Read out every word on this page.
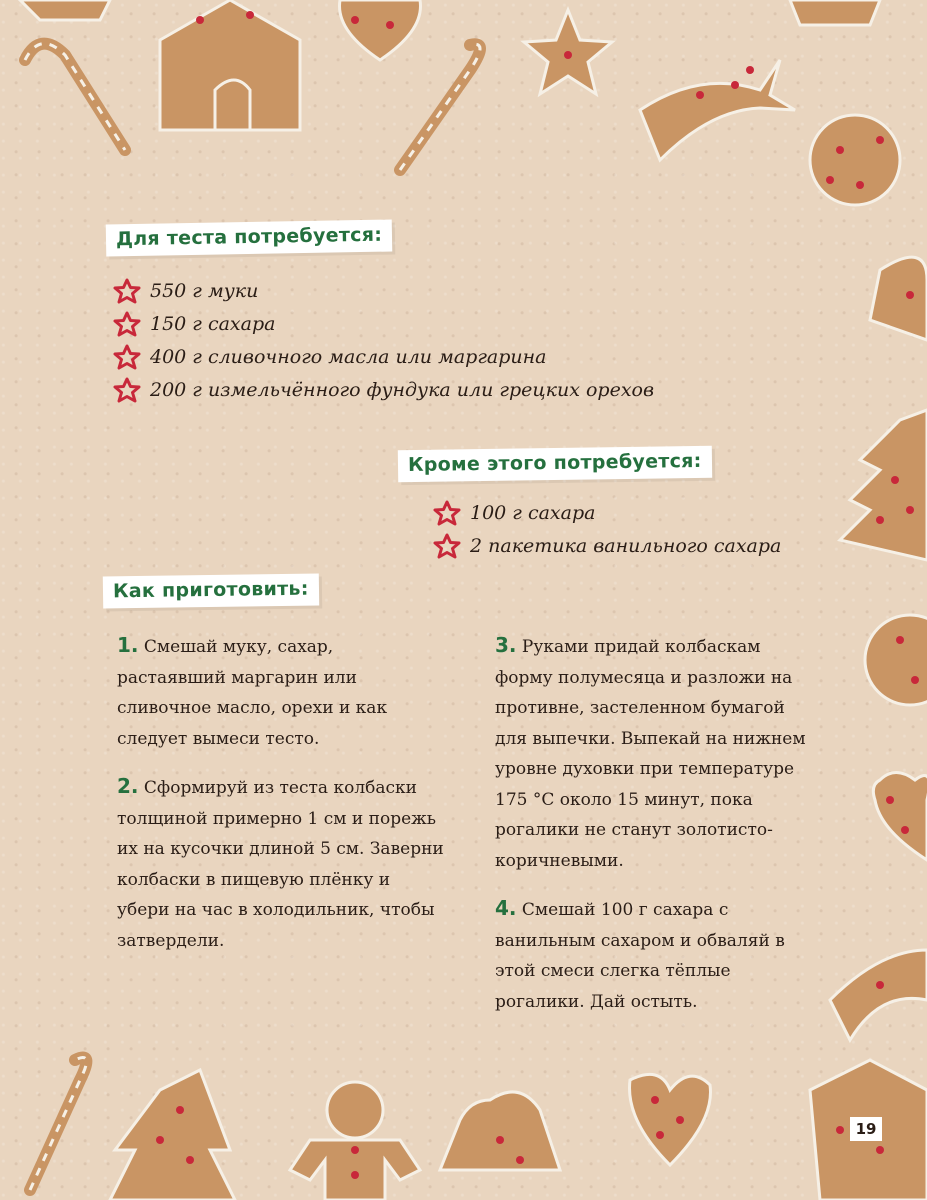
Для теста потребуется:
550 г муки
150 г сахара
400 г сливочного масла или маргарина
200 г измельчённого фундука или грецких орехов
Кроме этого потребуется:
100 г сахара
2 пакетика ванильного сахара
Как приготовить:

1. Смешай муку, сахар, растаявший маргарин или сливочное масло, орехи и как следует вымеси тесто.

2. Сформируй из теста колбаски толщиной примерно 1 см и порежь их на кусочки длиной 5 см. Заверни колбаски в пищевую плёнку и убери на час в холодильник, чтобы затвердели.

3. Руками придай колбаскам форму полумесяца и разложи на противне, застеленном бумагой для выпечки. Выпекай на нижнем уровне духовки при температуре 175 °C около 15 минут, пока рогалики не станут золотисто-коричневыми.

4. Смешай 100 г сахара с ванильным сахаром и обваляй в этой смеси слегка тёплые рогалики. Дай остыть.

19
